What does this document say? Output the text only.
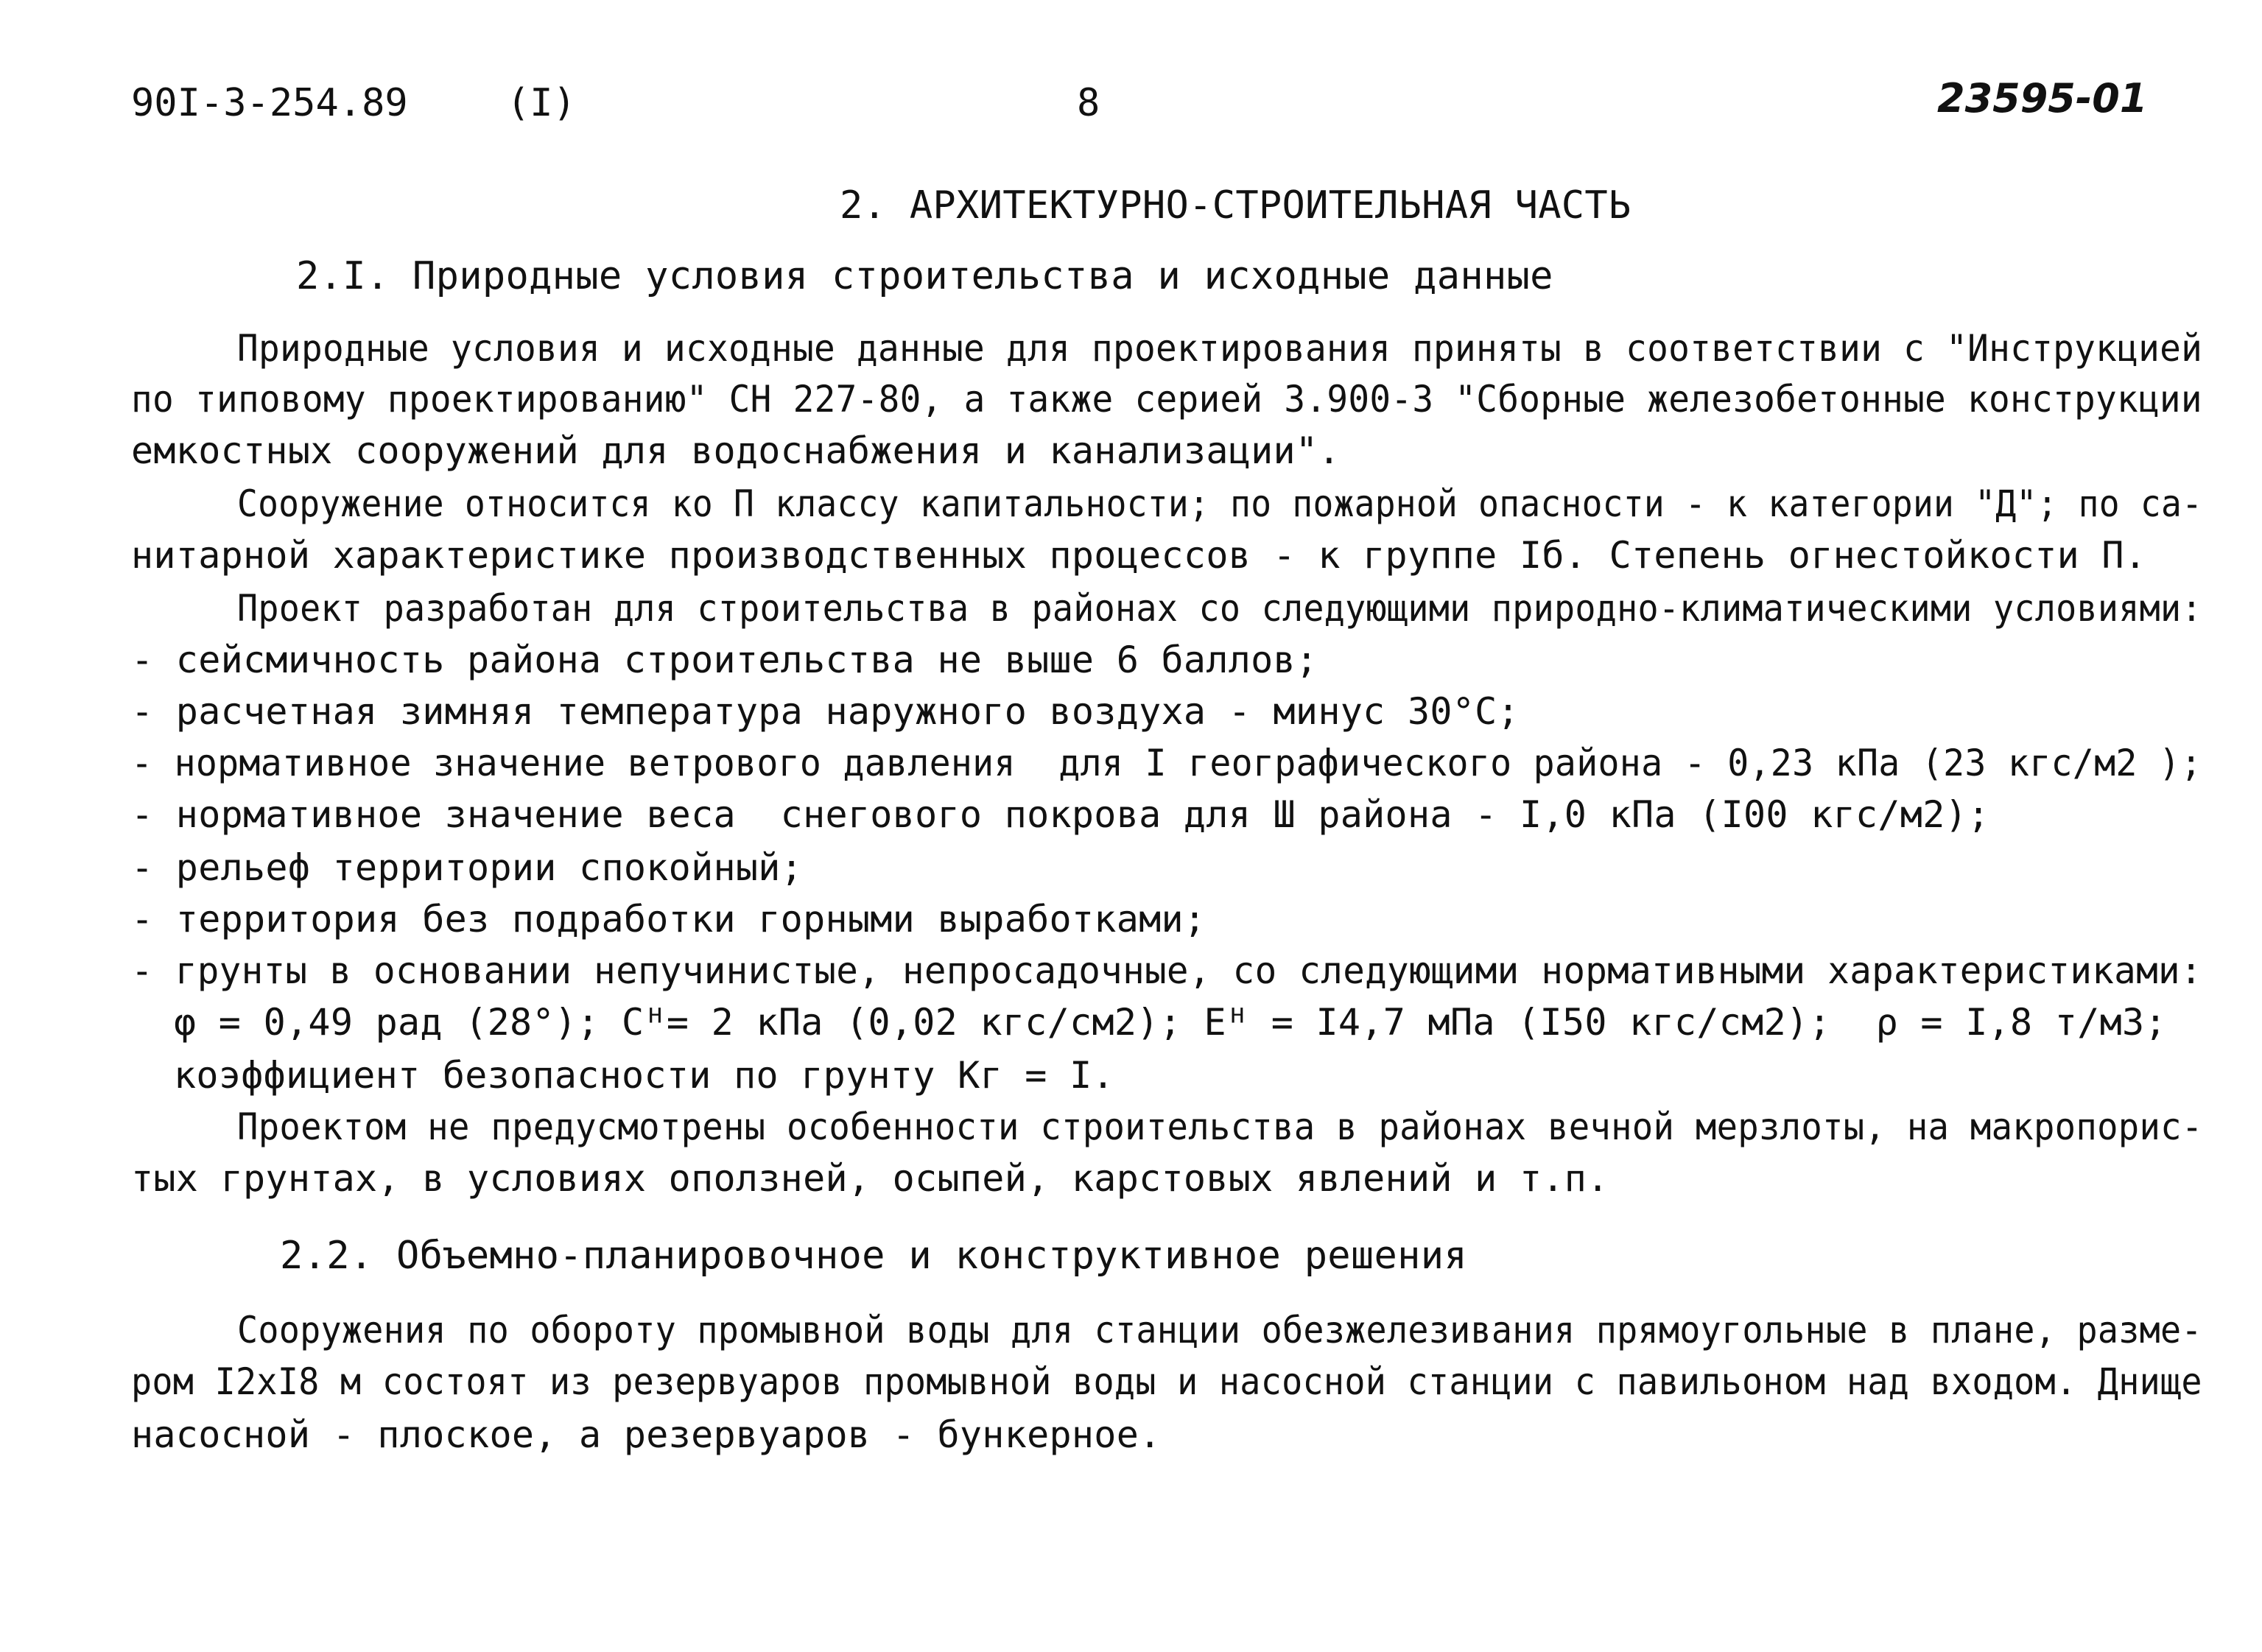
90I-3-254.89	(I)	8	23595-01
2. АРХИТЕКТУРНО-СТРОИТЕЛЬНАЯ ЧАСТЬ
2.I. Природные условия строительства и исходные данные
Природные условия и исходные данные для проектирования приняты в соответствии с "Инструкцией
по типовому проектированию" СН 227-80, а также серией 3.900-3 "Сборные железобетонные конструкции
емкостных сооружений для водоснабжения и канализации".
Сооружение относится ко П классу капитальности; по пожарной опасности - к категории "Д"; по са-
нитарной характеристике производственных процессов - к группе Iб. Степень огнестойкости П.
Проект разработан для строительства в районах со следующими природно-климатическими условиями:
- сейсмичность района строительства не выше 6 баллов;
- расчетная зимняя температура наружного воздуха - минус 30°С;
- нормативное значение ветрового давления  для I географического района - 0,23 кПа (23 кгс/м2 );
- нормативное значение веса  снегового покрова для Ш района - I,0 кПа (I00 кгс/м2);
- рельеф территории спокойный;
- территория без подработки горными выработками;
- грунты в основании непучинистые, непросадочные, со следующими нормативными характеристиками:
φ = 0,49 рад (28°); Сᴴ= 2 кПа (0,02 кгс/см2); Еᴴ = I4,7 мПа (I50 кгс/см2);  ρ = I,8 т/м3;
коэффициент безопасности по грунту Кг = I.
Проектом не предусмотрены особенности строительства в районах вечной мерзлоты, на макропорис-
тых грунтах, в условиях оползней, осыпей, карстовых явлений и т.п.
2.2. Объемно-планировочное и конструктивное решения
Сооружения по обороту промывной воды для станции обезжелезивания прямоугольные в плане, разме-
ром I2xI8 м состоят из резервуаров промывной воды и насосной станции с павильоном над входом. Днище
насосной - плоское, а резервуаров - бункерное.
